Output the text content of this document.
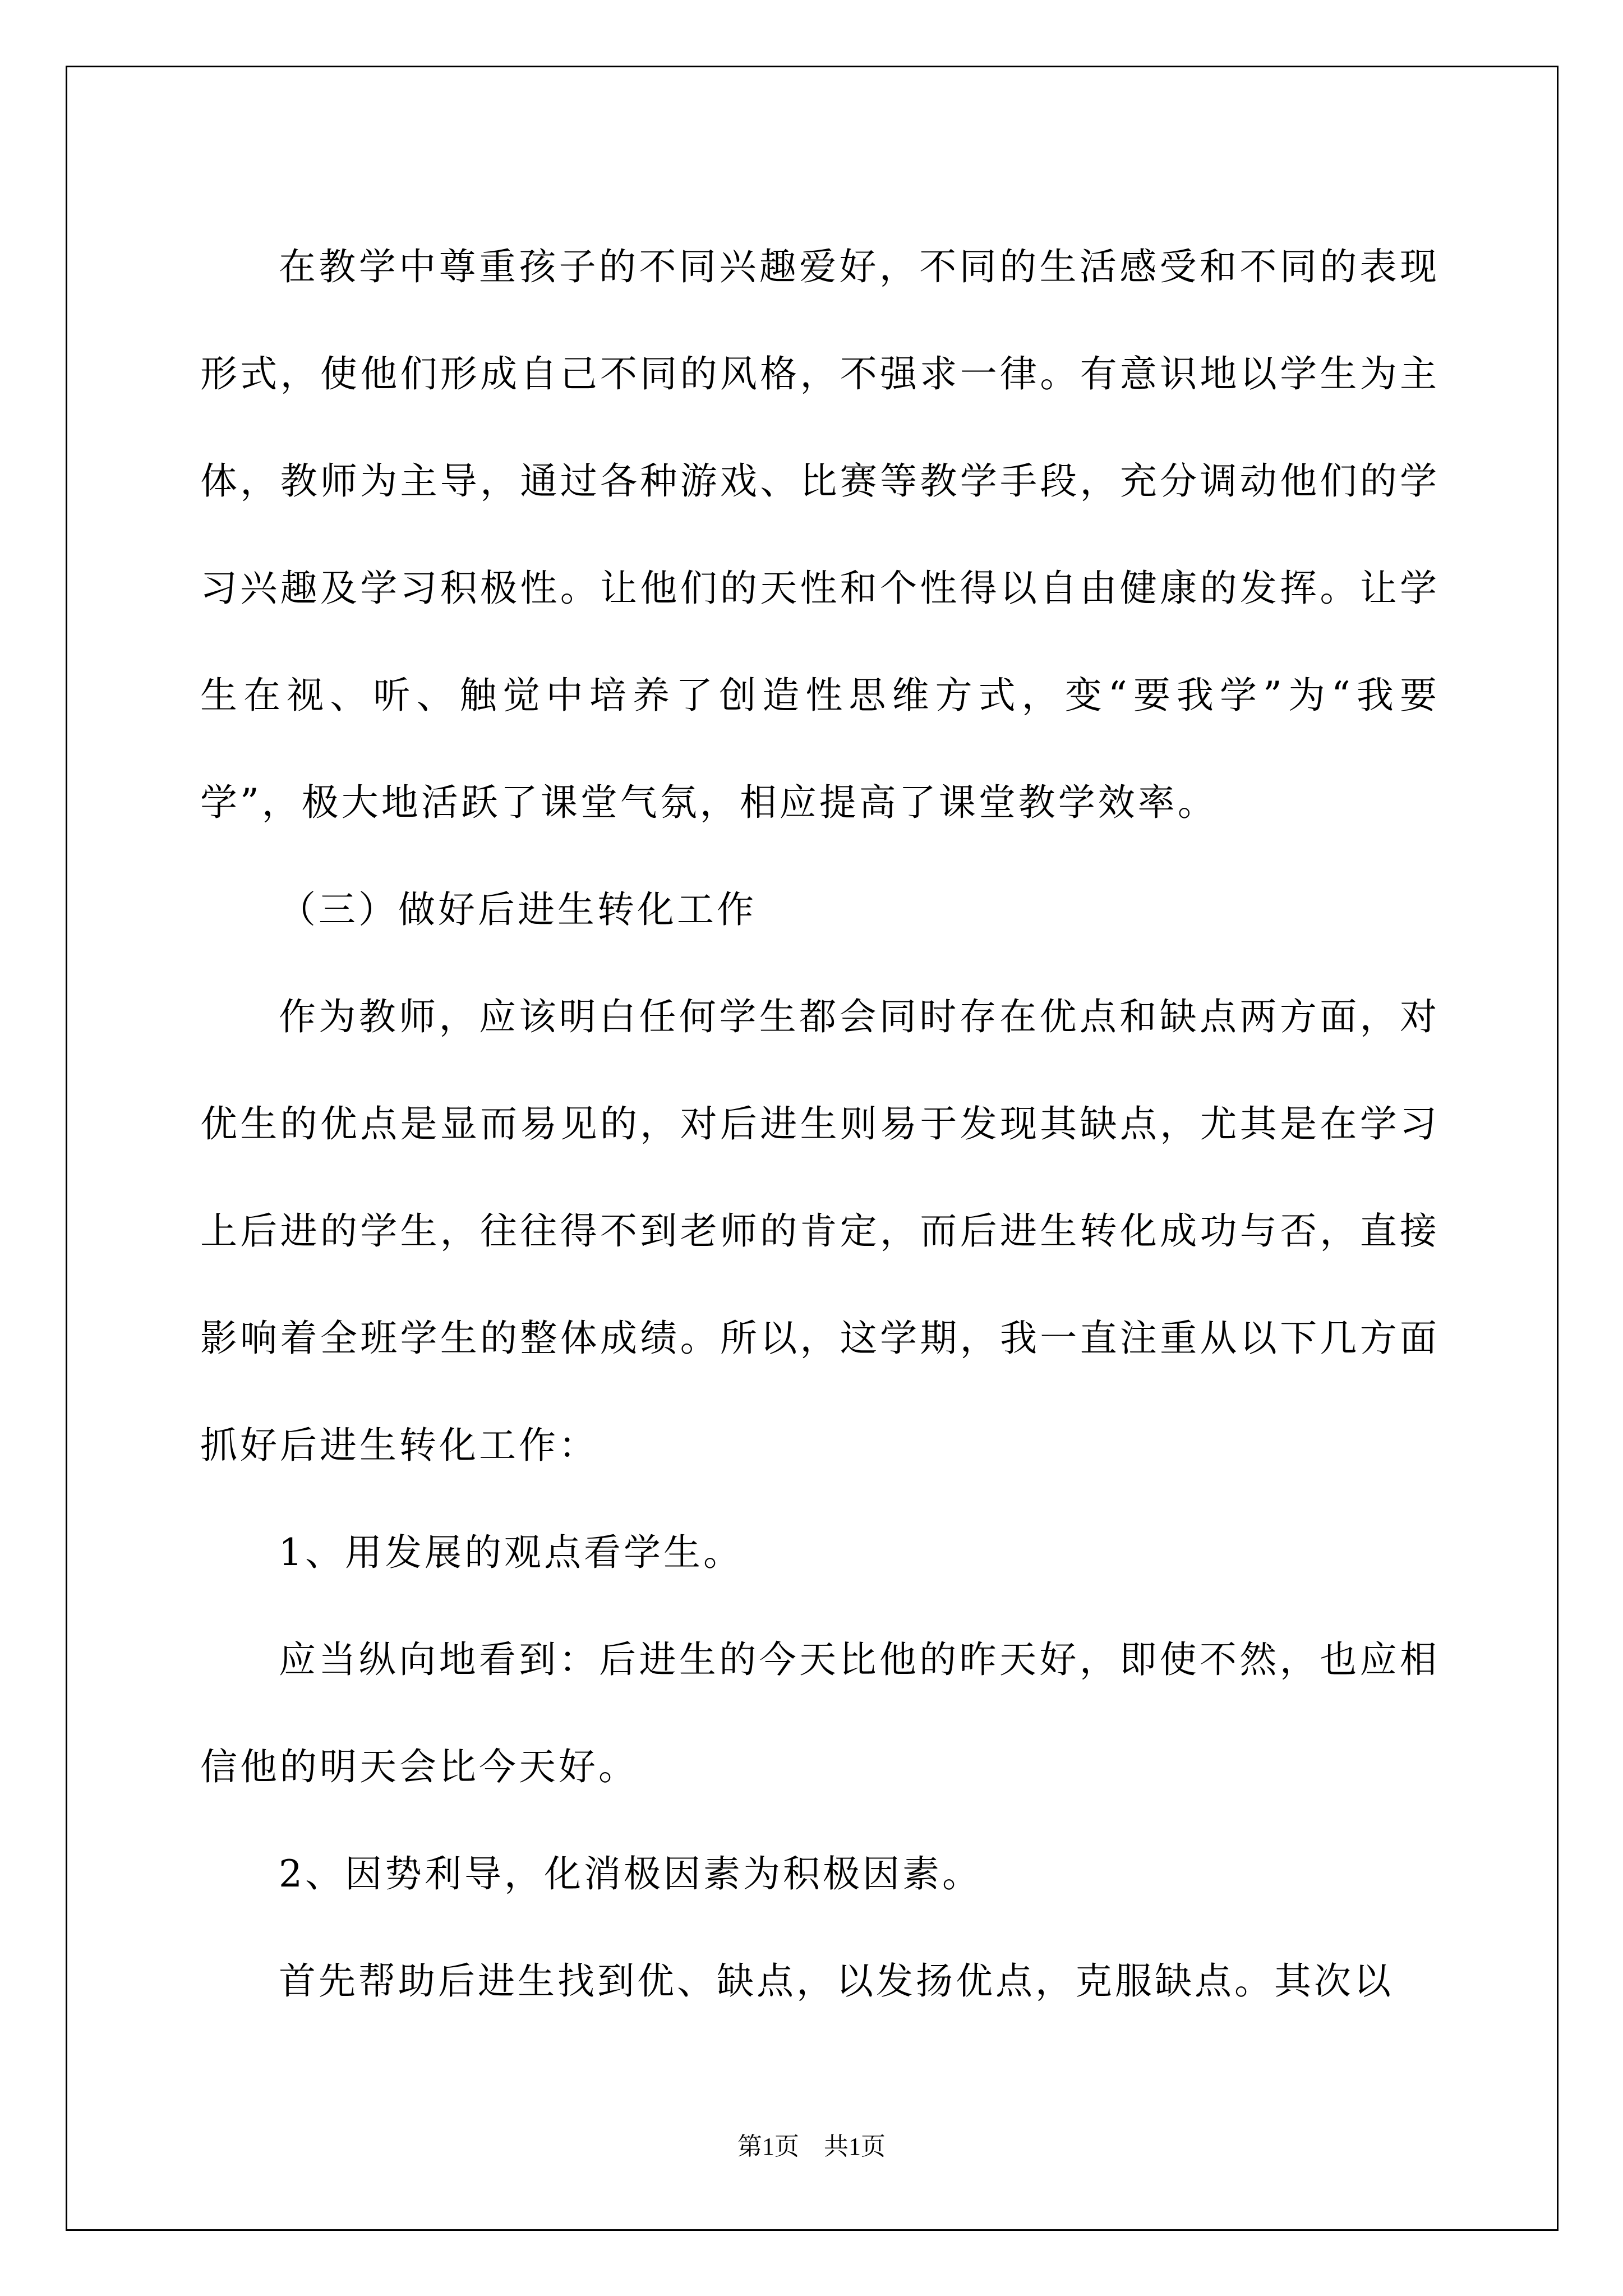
在教学中尊重孩子的不同兴趣爱好，不同的生活感受和不同的表现形式，使他们形成自己不同的风格，不强求一律。有意识地以学生为主体，教师为主导，通过各种游戏、比赛等教学手段，充分调动他们的学习兴趣及学习积极性。让他们的天性和个性得以自由健康的发挥。让学生在视、听、触觉中培养了创造性思维方式，变“要我学”为“我要学”，极大地活跃了课堂气氛，相应提高了课堂教学效率。

（三）做好后进生转化工作

作为教师，应该明白任何学生都会同时存在优点和缺点两方面，对优生的优点是显而易见的，对后进生则易于发现其缺点，尤其是在学习上后进的学生，往往得不到老师的肯定，而后进生转化成功与否，直接影响着全班学生的整体成绩。所以，这学期，我一直注重从以下几方面抓好后进生转化工作：

1、用发展的观点看学生。

应当纵向地看到：后进生的今天比他的昨天好，即使不然，也应相信他的明天会比今天好。

2、因势利导，化消极因素为积极因素。

首先帮助后进生找到优、缺点，以发扬优点，克服缺点。其次以

第1页　共1页
